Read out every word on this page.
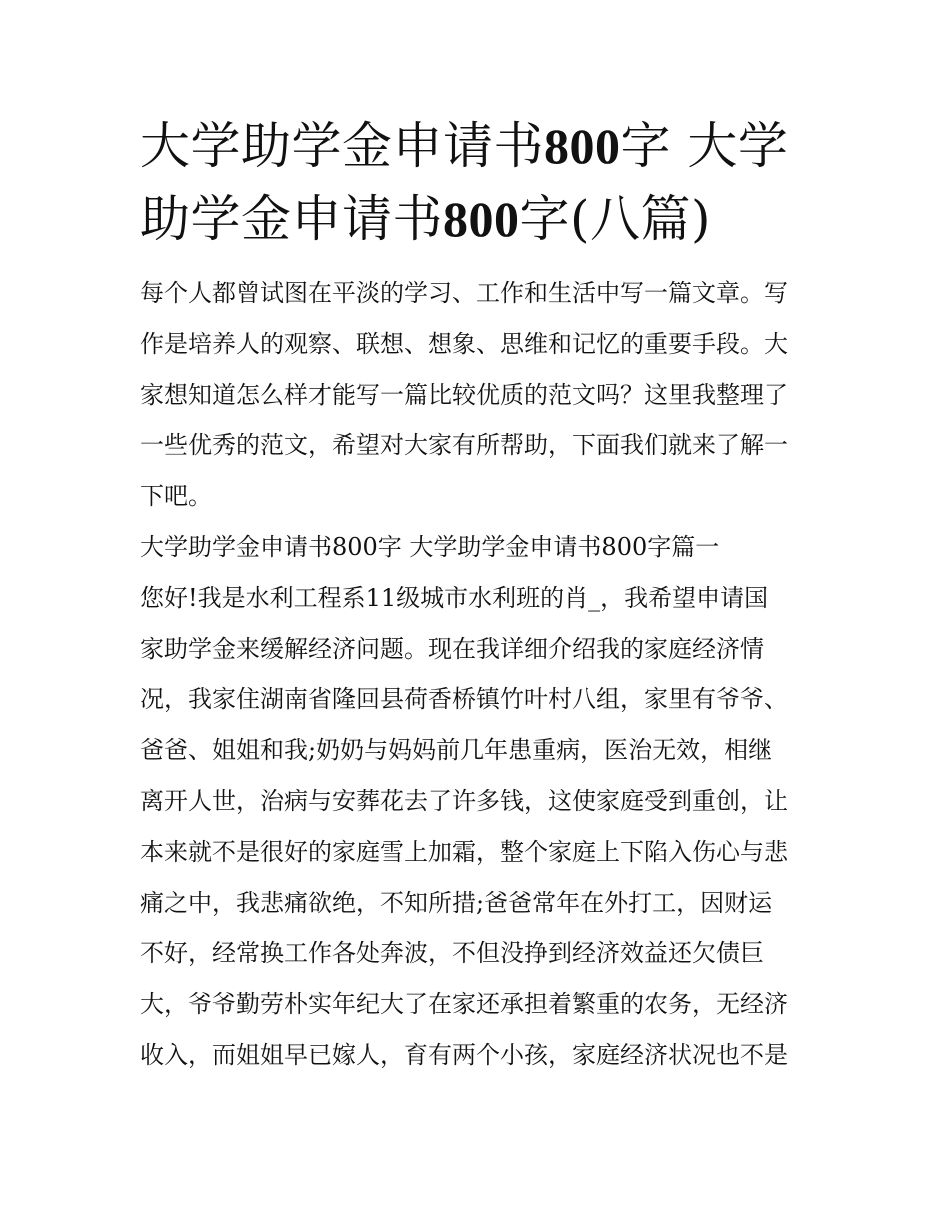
大学助学金申请书800字 大学
助学金申请书800字(八篇)

每个人都曾试图在平淡的学习、工作和生活中写一篇文章。写
作是培养人的观察、联想、想象、思维和记忆的重要手段。大
家想知道怎么样才能写一篇比较优质的范文吗？这里我整理了
一些优秀的范文，希望对大家有所帮助，下面我们就来了解一
下吧。

大学助学金申请书800字 大学助学金申请书800字篇一

您好!我是水利工程系11级城市水利班的肖_，我希望申请国
家助学金来缓解经济问题。现在我详细介绍我的家庭经济情
况，我家住湖南省隆回县荷香桥镇竹叶村八组，家里有爷爷、
爸爸、姐姐和我;奶奶与妈妈前几年患重病，医治无效，相继
离开人世，治病与安葬花去了许多钱，这使家庭受到重创，让
本来就不是很好的家庭雪上加霜，整个家庭上下陷入伤心与悲
痛之中，我悲痛欲绝，不知所措;爸爸常年在外打工，因财运
不好，经常换工作各处奔波，不但没挣到经济效益还欠债巨
大，爷爷勤劳朴实年纪大了在家还承担着繁重的农务，无经济
收入，而姐姐早已嫁人，育有两个小孩，家庭经济状况也不是
